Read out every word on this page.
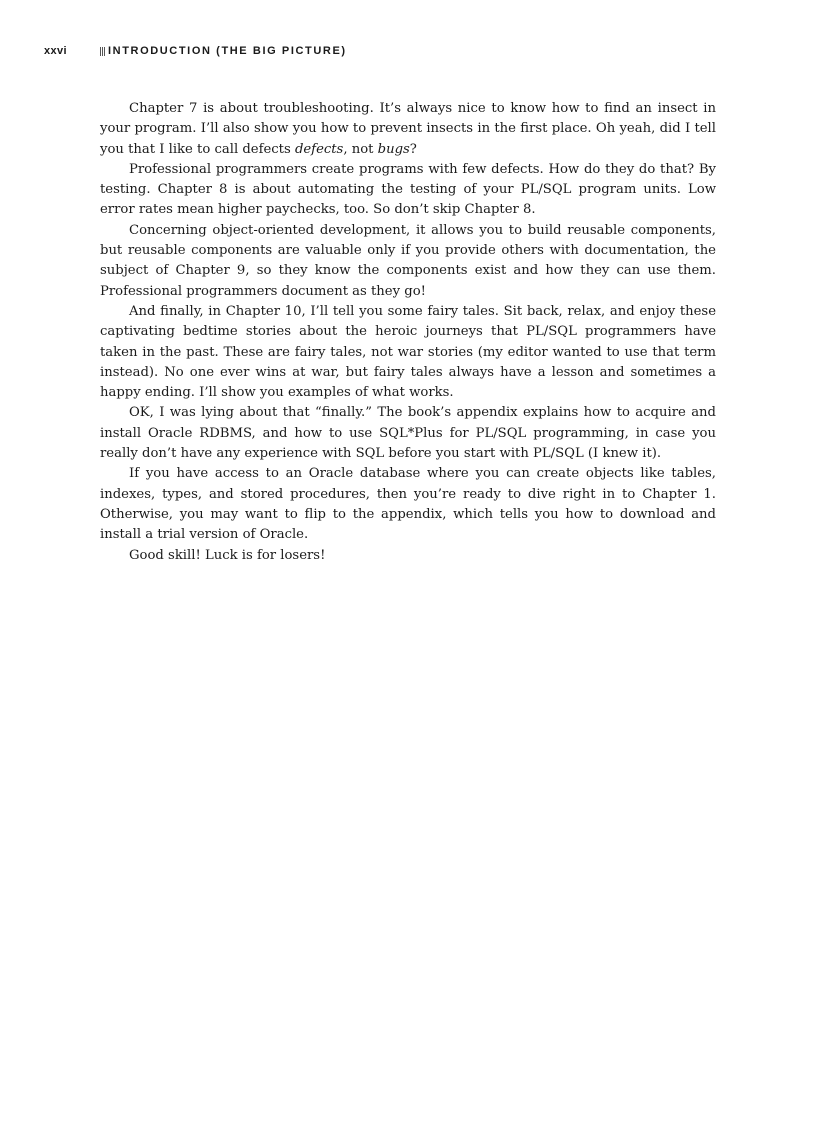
xxvi	INTRODUCTION (THE BIG PICTURE)

Chapter 7 is about troubleshooting. It’s always nice to know how to find an insect in your program. I’ll also show you how to prevent insects in the first place. Oh yeah, did I tell you that I like to call defects defects, not bugs?

Professional programmers create programs with few defects. How do they do that? By testing. Chapter 8 is about automating the testing of your PL/SQL program units. Low error rates mean higher paychecks, too. So don’t skip Chapter 8.

Concerning object-oriented development, it allows you to build reusable components, but reusable components are valuable only if you provide others with documentation, the subject of Chapter 9, so they know the components exist and how they can use them. Professional programmers document as they go!

And finally, in Chapter 10, I’ll tell you some fairy tales. Sit back, relax, and enjoy these captivating bedtime stories about the heroic journeys that PL/SQL programmers have taken in the past. These are fairy tales, not war stories (my editor wanted to use that term instead). No one ever wins at war, but fairy tales always have a lesson and sometimes a happy ending. I’ll show you examples of what works.

OK, I was lying about that “finally.” The book’s appendix explains how to acquire and install Oracle RDBMS, and how to use SQL*Plus for PL/SQL programming, in case you really don’t have any experience with SQL before you start with PL/SQL (I knew it).

If you have access to an Oracle database where you can create objects like tables, indexes, types, and stored procedures, then you’re ready to dive right in to Chapter 1. Otherwise, you may want to flip to the appendix, which tells you how to download and install a trial version of Oracle.

Good skill! Luck is for losers!
